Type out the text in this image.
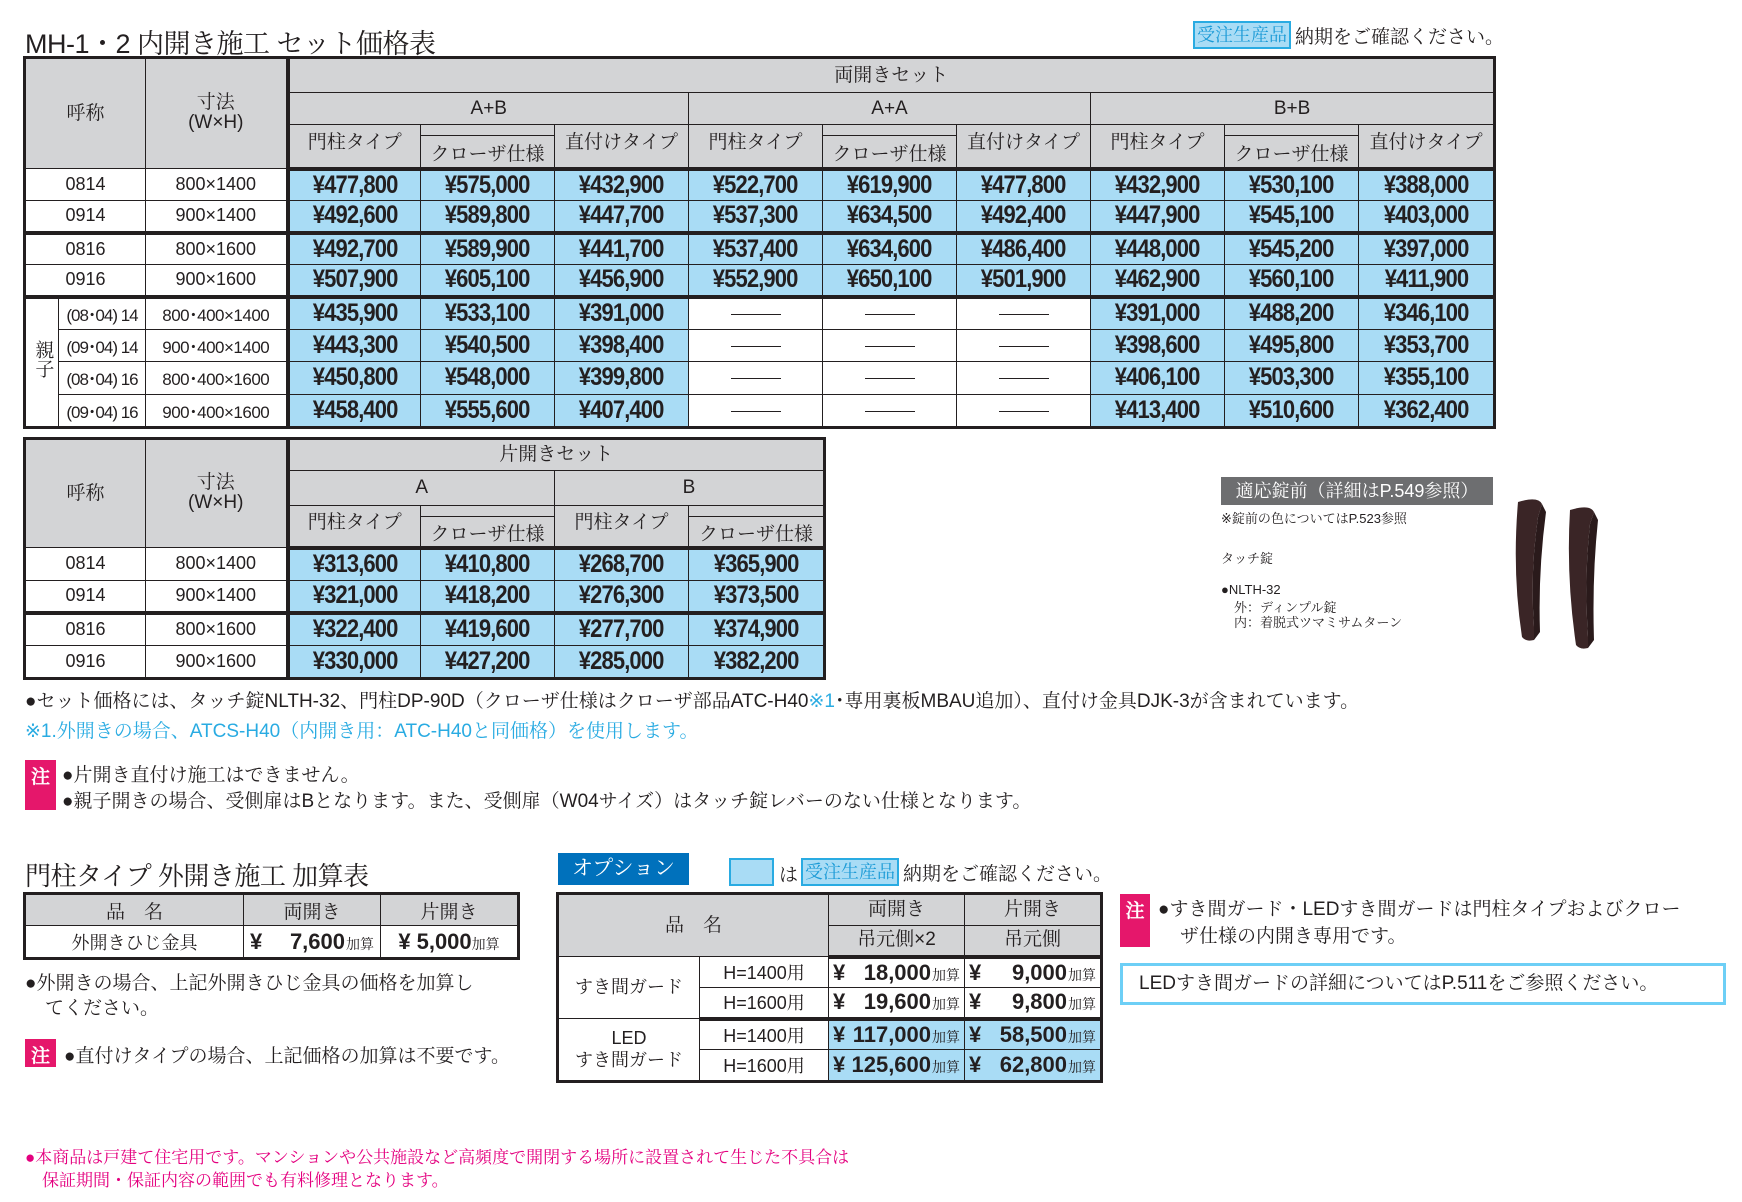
MH-1・2 内開き施工 セット価格表	受注生産品 納期をご確認ください。
呼称		寸法
(W×H)	両開きセット								
			A+B			A+A			B+B		
			門柱タイプ	クローザ仕様	直付けタイプ	門柱タイプ	クローザ仕様	直付けタイプ	門柱タイプ	クローザ仕様	直付けタイプ
0814		800×1400	¥477,800	¥575,000	¥432,900	¥522,700	¥619,900	¥477,800	¥432,900	¥530,100	¥388,000
0914		900×1400	¥492,600	¥589,800	¥447,700	¥537,300	¥634,500	¥492,400	¥447,900	¥545,100	¥403,000
0816		800×1600	¥492,700	¥589,900	¥441,700	¥537,400	¥634,600	¥486,400	¥448,000	¥545,200	¥397,000
0916		900×1600	¥507,900	¥605,100	¥456,900	¥552,900	¥650,100	¥501,900	¥462,900	¥560,100	¥411,900
親子	(08･04) 14	800･400×1400	¥435,900	¥533,100	¥391,000				¥391,000	¥488,200	¥346,100
	(09･04) 14	900･400×1400	¥443,300	¥540,500	¥398,400				¥398,600	¥495,800	¥353,700
	(08･04) 16	800･400×1600	¥450,800	¥548,000	¥399,800				¥406,100	¥503,300	¥355,100
	(09･04) 16	900･400×1600	¥458,400	¥555,600	¥407,400				¥413,400	¥510,600	¥362,400
呼称	寸法
(W×H)	片開きセット			
		A		B	
		門柱タイプ	クローザ仕様	門柱タイプ	クローザ仕様

0814	800×1400	¥313,600	¥410,800	¥268,700	¥365,900
0914	900×1400	¥321,000	¥418,200	¥276,300	¥373,500
0816	800×1600	¥322,400	¥419,600	¥277,700	¥374,900
0916	900×1600	¥330,000	¥427,200	¥285,000	¥382,200
適応錠前（詳細はP.549参照）
※錠前の色についてはP.523参照
タッチ錠
●NLTH-32
外：ディンプル錠
内：着脱式ツマミサムターン
●セット価格には、タッチ錠NLTH-32、門柱DP-90D（クローザ仕様はクローザ部品ATC-H40※1･専用裏板MBAU追加）、直付け金具DJK-3が含まれています。
※1.外開きの場合、ATCS-H40（内開き用：ATC-H40と同価格）を使用します。
注 ●片開き直付け施工はできません。
●親子開きの場合、受側扉はBとなります。また、受側扉（W04サイズ）はタッチ錠レバーのない仕様となります。
門柱タイプ 外開き施工 加算表
品　名	両開き	片開き
外開きひじ金具	¥ 7,600加算	¥ 5,000加算
●外開きの場合、上記外開きひじ金具の価格を加算し
てください。
注 ●直付けタイプの場合、上記価格の加算は不要です。
オプション	は 受注生産品 納期をご確認ください。
品　名		両開き	片開き
		吊元側×2	吊元側
すき間ガード	H=1400用	¥ 18,000加算	¥ 9,000加算

	H=1600用	¥ 19,600加算	¥ 9,800加算

LED
すき間ガード	H=1400用	¥ 117,000加算	¥ 58,500加算

	H=1600用	¥ 125,600加算	¥ 62,800加算
注 ●すき間ガード・LEDすき間ガードは門柱タイプおよびクロー
ザ仕様の内開き専用です。
LEDすき間ガードの詳細についてはP.511をご参照ください。
●本商品は戸建て住宅用です。マンションや公共施設など高頻度で開閉する場所に設置されて生じた不具合は
保証期間・保証内容の範囲でも有料修理となります。
